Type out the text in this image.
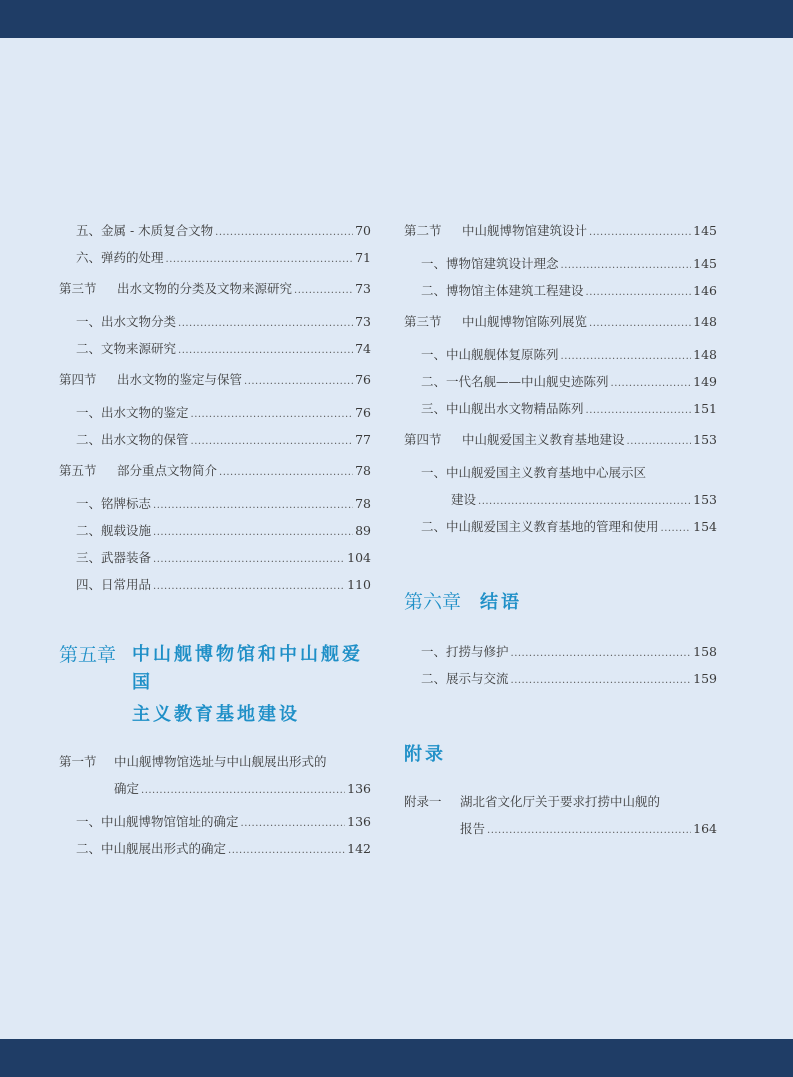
五、金属 - 木质复合文物 .....	70
六、弹药的处理 .....	71
第三节 出水文物的分类及文物来源研究 .....	73
一、出水文物分类 .....	73
二、文物来源研究 .....	74
第四节 出水文物的鉴定与保管 .....	76
一、出水文物的鉴定 .....	76
二、出水文物的保管 .....	77
第五节 部分重点文物简介 .....	78
一、铭牌标志 .....	78
二、舰载设施 .....	89
三、武器装备 .....	104
四、日常用品 .....	110
第五章 中山舰博物馆和中山舰爱国
主义教育基地建设
第一节 中山舰博物馆选址与中山舰展出形式的
确定 .....	136
一、中山舰博物馆馆址的确定 .....	136
二、中山舰展出形式的确定 .....	142
第二节 中山舰博物馆建筑设计 .....	145
一、博物馆建筑设计理念 .....	145
二、博物馆主体建筑工程建设 .....	146
第三节 中山舰博物馆陈列展览 .....	148
一、中山舰舰体复原陈列 .....	148
二、一代名舰——中山舰史迹陈列 .....	149
三、中山舰出水文物精品陈列 .....	151
第四节 中山舰爱国主义教育基地建设 .....	153
一、中山舰爱国主义教育基地中心展示区
建设 .....	153
二、中山舰爱国主义教育基地的管理和使用 .....	154
第六章 结语
一、打捞与修护 .....	158
二、展示与交流 .....	159
附录
附录一 湖北省文化厅关于要求打捞中山舰的
报告 .....	164
